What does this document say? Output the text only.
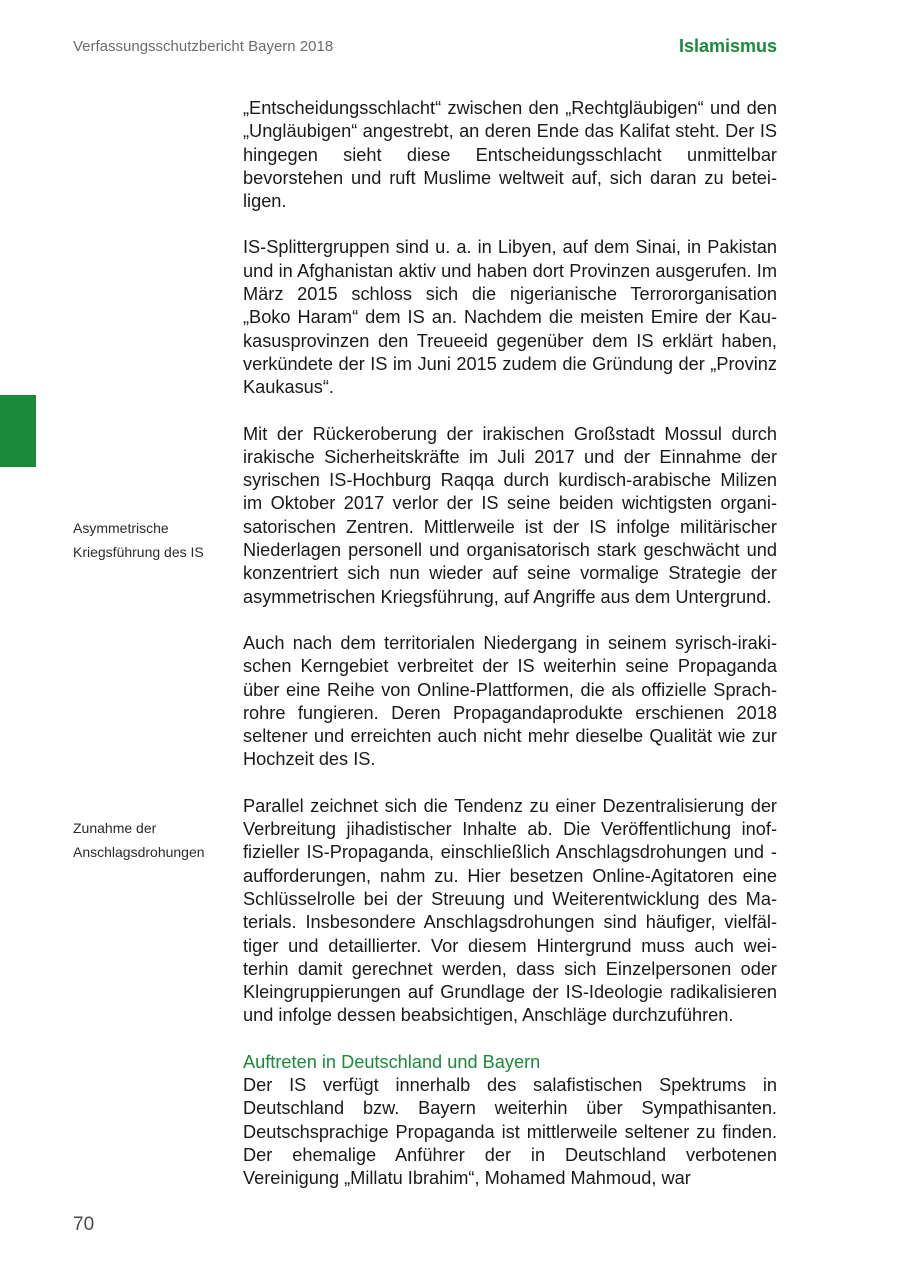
Verfassungsschutzbericht Bayern 2018	Islamismus
Asymmetrische
Kriegsführung des IS
Zunahme der
Anschlagsdrohungen

„Entscheidungsschlacht“ zwischen den „Rechtgläubigen“ und den „Ungläubigen“ angestrebt, an deren Ende das Kalifat steht. Der IS hingegen sieht diese Entscheidungsschlacht unmittelbar bevorstehen und ruft Muslime weltweit auf, sich daran zu beteiligen.

IS-Splittergruppen sind u. a. in Libyen, auf dem Sinai, in Pakistan und in Afghanistan aktiv und haben dort Provinzen ausgerufen. Im März 2015 schloss sich die nigerianische Terrororganisation „Boko Haram“ dem IS an. Nachdem die meisten Emire der Kaukasusprovinzen den Treueeid gegenüber dem IS erklärt haben, verkündete der IS im Juni 2015 zudem die Gründung der „Provinz Kaukasus“.

Mit der Rückeroberung der irakischen Großstadt Mossul durch irakische Sicherheitskräfte im Juli 2017 und der Einnahme der syrischen IS-Hochburg Raqqa durch kurdisch-arabische Milizen im Oktober 2017 verlor der IS seine beiden wichtigsten organisatorischen Zentren. Mittlerweile ist der IS infolge militärischer Niederlagen personell und organisatorisch stark geschwächt und konzentriert sich nun wieder auf seine vormalige Strategie der asymmetrischen Kriegsführung, auf Angriffe aus dem Untergrund.

Auch nach dem territorialen Niedergang in seinem syrisch-irakischen Kerngebiet verbreitet der IS weiterhin seine Propaganda über eine Reihe von Online-Plattformen, die als offizielle Sprachrohre fungieren. Deren Propagandaprodukte erschienen 2018 seltener und erreichten auch nicht mehr dieselbe Qualität wie zur Hochzeit des IS.

Parallel zeichnet sich die Tendenz zu einer Dezentralisierung der Verbreitung jihadistischer Inhalte ab. Die Veröffentlichung inoffizieller IS-Propaganda, einschließlich Anschlagsdrohungen und -aufforderungen, nahm zu. Hier besetzen Online-Agitatoren eine Schlüsselrolle bei der Streuung und Weiterentwicklung des Materials. Insbesondere Anschlagsdrohungen sind häufiger, vielfältiger und detaillierter. Vor diesem Hintergrund muss auch weiterhin damit gerechnet werden, dass sich Einzelpersonen oder Kleingruppierungen auf Grundlage der IS-Ideologie radikalisieren und infolge dessen beabsichtigen, Anschläge durchzuführen.

Auftreten in Deutschland und Bayern

Der IS verfügt innerhalb des salafistischen Spektrums in Deutschland bzw. Bayern weiterhin über Sympathisanten. Deutschsprachige Propaganda ist mittlerweile seltener zu finden. Der ehemalige Anführer der in Deutschland verbotenen Vereinigung „Millatu Ibrahim“, Mohamed Mahmoud, war

70
